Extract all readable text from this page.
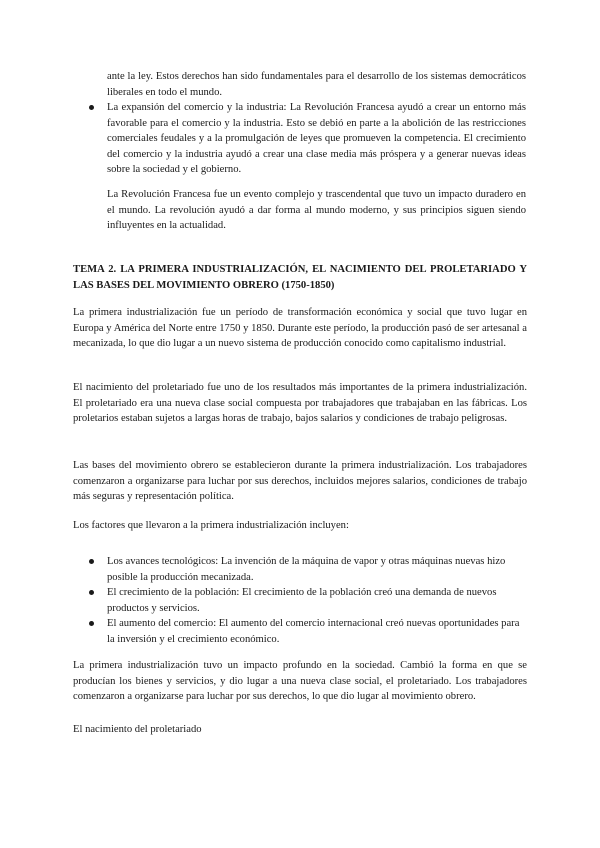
ante la ley. Estos derechos han sido fundamentales para el desarrollo de los sistemas democráticos liberales en todo el mundo.

La expansión del comercio y la industria: La Revolución Francesa ayudó a crear un entorno más favorable para el comercio y la industria. Esto se debió en parte a la abolición de las restricciones comerciales feudales y a la promulgación de leyes que promueven la competencia. El crecimiento del comercio y la industria ayudó a crear una clase media más próspera y a generar nuevas ideas sobre la sociedad y el gobierno.

La Revolución Francesa fue un evento complejo y trascendental que tuvo un impacto duradero en el mundo. La revolución ayudó a dar forma al mundo moderno, y sus principios siguen siendo influyentes en la actualidad.

TEMA 2. LA PRIMERA INDUSTRIALIZACIÓN, EL NACIMIENTO DEL PROLETARIADO Y LAS BASES DEL MOVIMIENTO OBRERO (1750-1850)

La primera industrialización fue un período de transformación económica y social que tuvo lugar en Europa y América del Norte entre 1750 y 1850. Durante este período, la producción pasó de ser artesanal a mecanizada, lo que dio lugar a un nuevo sistema de producción conocido como capitalismo industrial.

El nacimiento del proletariado fue uno de los resultados más importantes de la primera industrialización. El proletariado era una nueva clase social compuesta por trabajadores que trabajaban en las fábricas. Los proletarios estaban sujetos a largas horas de trabajo, bajos salarios y condiciones de trabajo peligrosas.

Las bases del movimiento obrero se establecieron durante la primera industrialización. Los trabajadores comenzaron a organizarse para luchar por sus derechos, incluidos mejores salarios, condiciones de trabajo más seguras y representación política.

Los factores que llevaron a la primera industrialización incluyen:

Los avances tecnológicos: La invención de la máquina de vapor y otras máquinas nuevas hizo posible la producción mecanizada.
El crecimiento de la población: El crecimiento de la población creó una demanda de nuevos productos y servicios.
El aumento del comercio: El aumento del comercio internacional creó nuevas oportunidades para la inversión y el crecimiento económico.

La primera industrialización tuvo un impacto profundo en la sociedad. Cambió la forma en que se producían los bienes y servicios, y dio lugar a una nueva clase social, el proletariado. Los trabajadores comenzaron a organizarse para luchar por sus derechos, lo que dio lugar al movimiento obrero.

El nacimiento del proletariado
